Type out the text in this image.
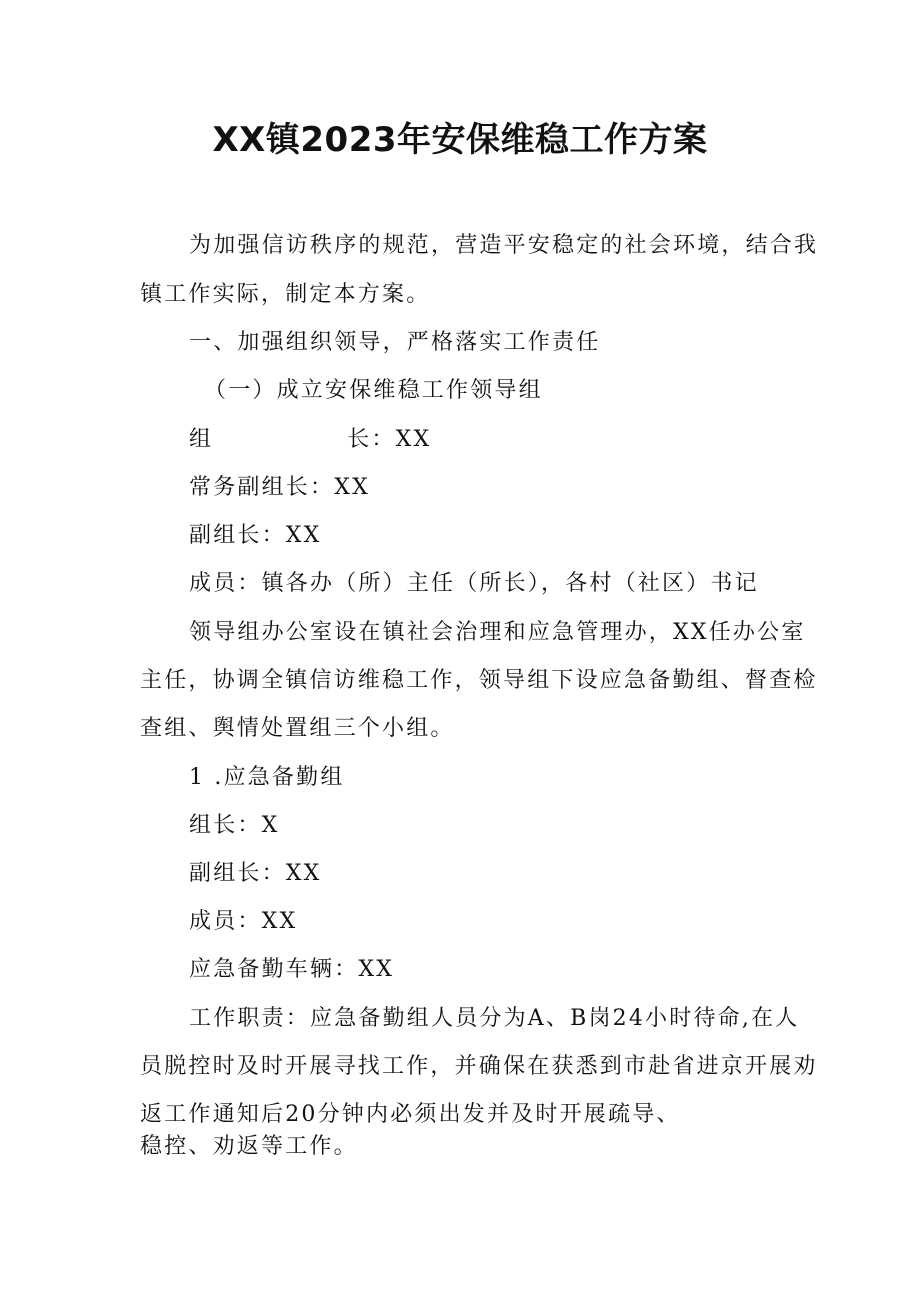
XX镇2023年安保维稳工作方案
为加强信访秩序的规范，营造平安稳定的社会环境，结合我
镇工作实际，制定本方案。
一、加强组织领导，严格落实工作责任
（一）成立安保维稳工作领导组
组	长：XX
常务副组长：XX
副组长：XX
成员：镇各办（所）主任（所长），各村（社区）书记
领导组办公室设在镇社会治理和应急管理办，XX任办公室
主任，协调全镇信访维稳工作，领导组下设应急备勤组、督查检
查组、舆情处置组三个小组。
1 .应急备勤组
组长：X
副组长：XX
成员：XX
应急备勤车辆：XX
工作职责：应急备勤组人员分为A、B岗24小时待命,在人
员脱控时及时开展寻找工作，并确保在获悉到市赴省进京开展劝
返工作通知后20分钟内必须出发并及时开展疏导、
稳控、劝返等工作。
